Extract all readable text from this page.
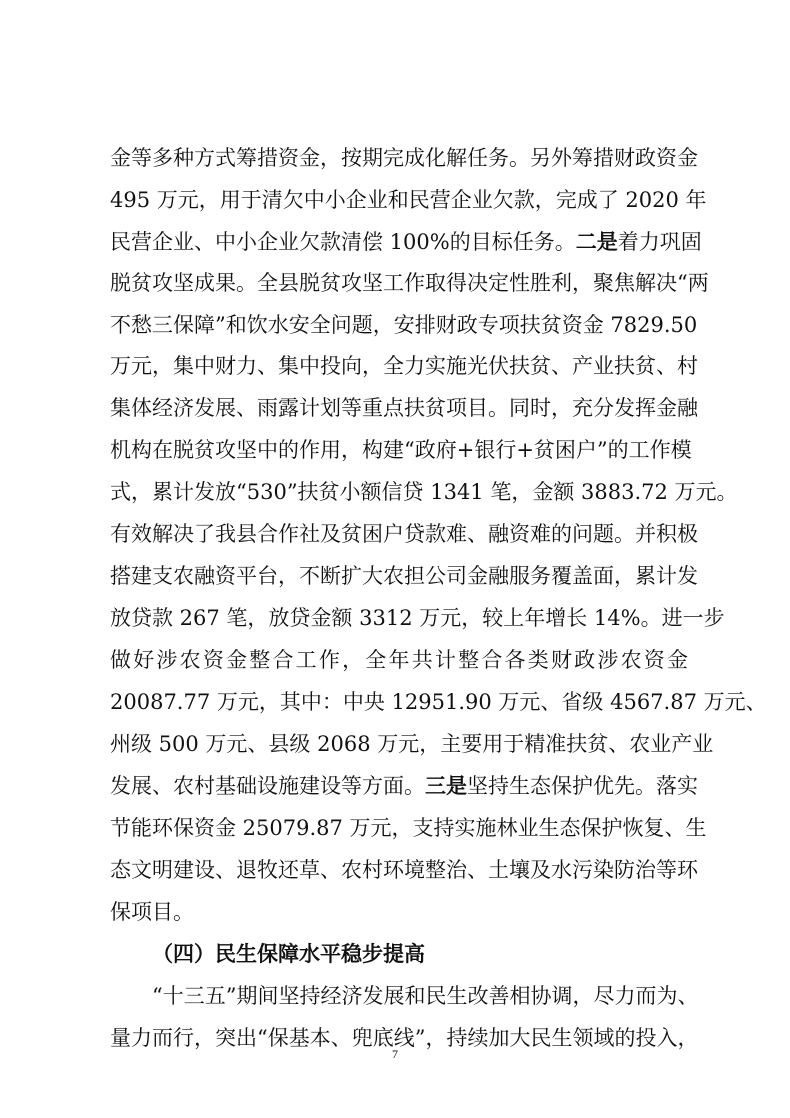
金等多种方式筹措资金，按期完成化解任务。另外筹措财政资金
495 万元，用于清欠中小企业和民营企业欠款，完成了 2020 年
民营企业、中小企业欠款清偿 100%的目标任务。二是着力巩固
脱贫攻坚成果。全县脱贫攻坚工作取得决定性胜利，聚焦解决“两
不愁三保障”和饮水安全问题，安排财政专项扶贫资金 7829.50
万元，集中财力、集中投向，全力实施光伏扶贫、产业扶贫、村
集体经济发展、雨露计划等重点扶贫项目。同时，充分发挥金融
机构在脱贫攻坚中的作用，构建“政府+银行+贫困户”的工作模
式，累计发放“530”扶贫小额信贷 1341 笔，金额 3883.72 万元。
有效解决了我县合作社及贫困户贷款难、融资难的问题。并积极
搭建支农融资平台，不断扩大农担公司金融服务覆盖面，累计发
放贷款 267 笔，放贷金额 3312 万元，较上年增长 14%。进一步
做好涉农资金整合工作，全年共计整合各类财政涉农资金
20087.77 万元，其中：中央 12951.90 万元、省级 4567.87 万元、
州级 500 万元、县级 2068 万元，主要用于精准扶贫、农业产业
发展、农村基础设施建设等方面。三是坚持生态保护优先。落实
节能环保资金 25079.87 万元，支持实施林业生态保护恢复、生
态文明建设、退牧还草、农村环境整治、土壤及水污染防治等环
保项目。
（四）民生保障水平稳步提高
“十三五”期间坚持经济发展和民生改善相协调，尽力而为、
量力而行，突出“保基本、兜底线”，持续加大民生领域的投入，
7
